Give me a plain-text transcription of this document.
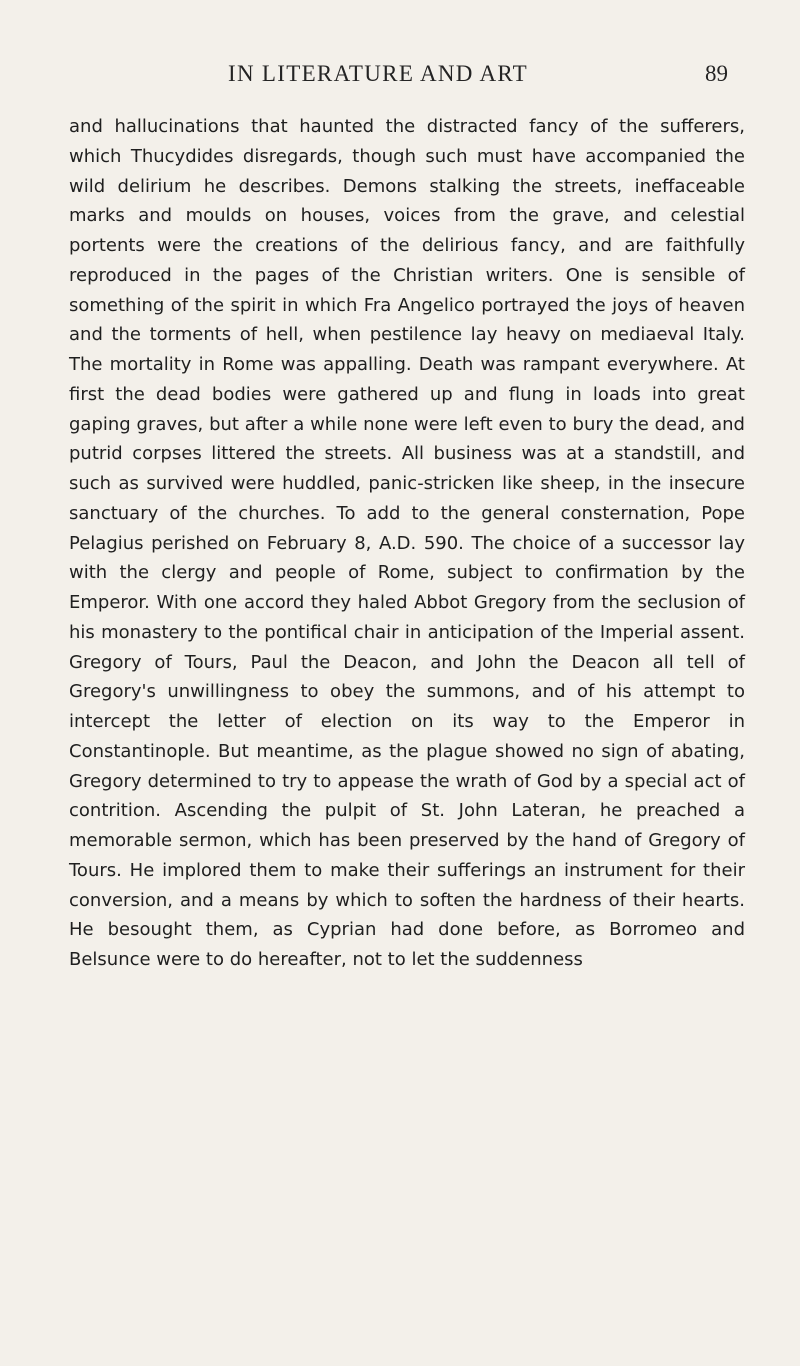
IN LITERATURE AND ART	89

and hallucinations that haunted the distracted fancy of the sufferers, which Thucydides disregards, though such must have accompanied the wild delirium he describes. Demons stalking the streets, ineffaceable marks and moulds on houses, voices from the grave, and celestial portents were the creations of the delirious fancy, and are faithfully reproduced in the pages of the Christian writers. One is sensible of something of the spirit in which Fra Angelico portrayed the joys of heaven and the torments of hell, when pestilence lay heavy on mediaeval Italy. The mortality in Rome was appalling. Death was rampant everywhere. At first the dead bodies were gathered up and flung in loads into great gaping graves, but after a while none were left even to bury the dead, and putrid corpses littered the streets. All business was at a standstill, and such as survived were huddled, panic-stricken like sheep, in the insecure sanctuary of the churches. To add to the general consternation, Pope Pelagius perished on February 8, A.D. 590. The choice of a successor lay with the clergy and people of Rome, subject to confirmation by the Emperor. With one accord they haled Abbot Gregory from the seclusion of his monastery to the pontifical chair in anticipation of the Imperial assent. Gregory of Tours, Paul the Deacon, and John the Deacon all tell of Gregory's unwillingness to obey the summons, and of his attempt to intercept the letter of election on its way to the Emperor in Constantinople. But meantime, as the plague showed no sign of abating, Gregory determined to try to appease the wrath of God by a special act of contrition. Ascending the pulpit of St. John Lateran, he preached a memorable sermon, which has been preserved by the hand of Gregory of Tours. He implored them to make their sufferings an instrument for their conversion, and a means by which to soften the hardness of their hearts. He besought them, as Cyprian had done before, as Borromeo and Belsunce were to do hereafter, not to let the suddenness
